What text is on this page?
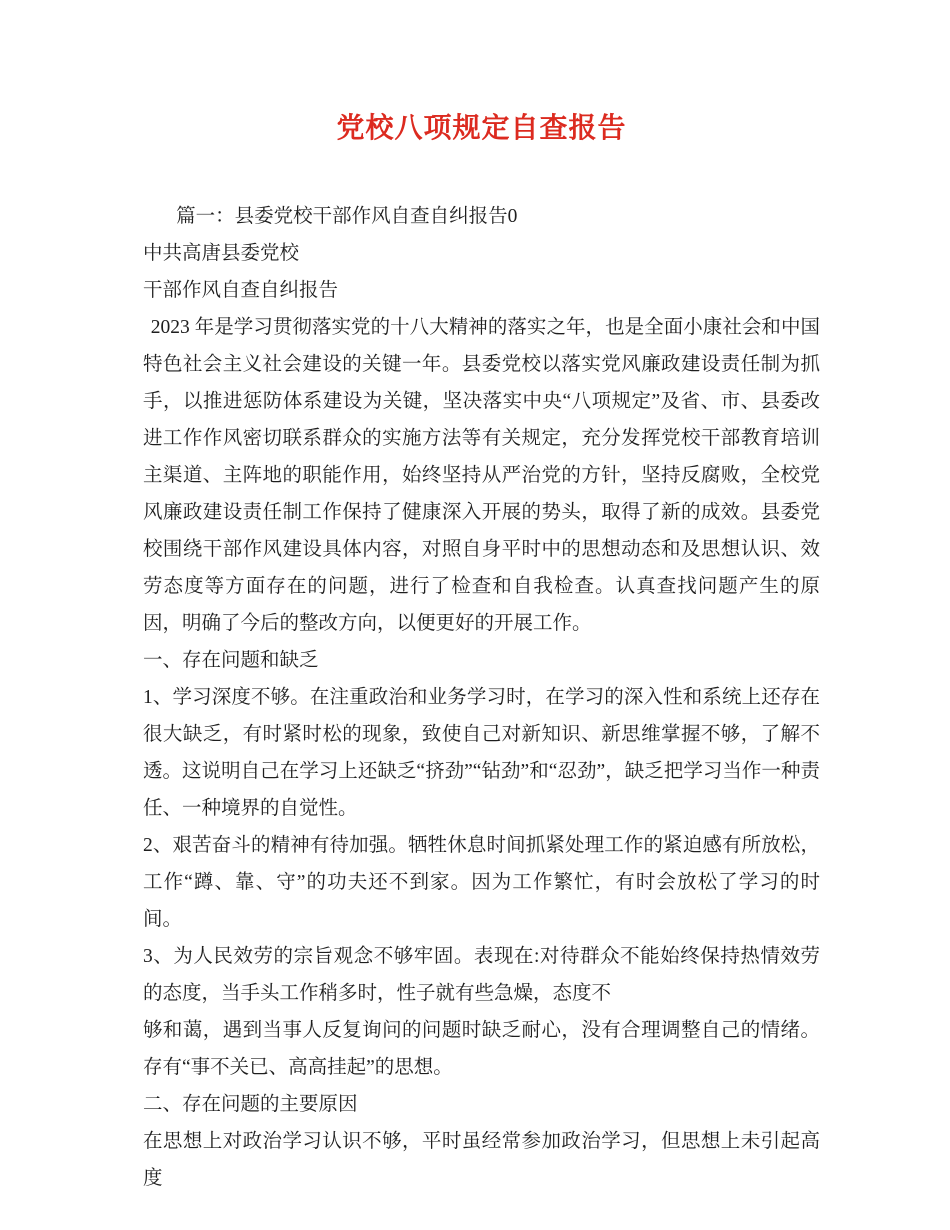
党校八项规定自查报告

篇一：县委党校干部作风自查自纠报告0

中共高唐县委党校

干部作风自查自纠报告

2023 年是学习贯彻落实党的十八大精神的落实之年，也是全面小康社会和中国特色社会主义社会建设的关键一年。县委党校以落实党风廉政建设责任制为抓手，以推进惩防体系建设为关键，坚决落实中央“八项规定”及省、市、县委改进工作作风密切联系群众的实施方法等有关规定，充分发挥党校干部教育培训主渠道、主阵地的职能作用，始终坚持从严治党的方针，坚持反腐败，全校党风廉政建设责任制工作保持了健康深入开展的势头，取得了新的成效。县委党校围绕干部作风建设具体内容，对照自身平时中的思想动态和及思想认识、效劳态度等方面存在的问题，进行了检查和自我检查。认真查找问题产生的原因，明确了今后的整改方向，以便更好的开展工作。

一、存在问题和缺乏

1、学习深度不够。在注重政治和业务学习时，在学习的深入性和系统上还存在很大缺乏，有时紧时松的现象，致使自己对新知识、新思维掌握不够，了解不透。这说明自己在学习上还缺乏“挤劲”“钻劲”和“忍劲”，缺乏把学习当作一种责任、一种境界的自觉性。

2、艰苦奋斗的精神有待加强。牺牲休息时间抓紧处理工作的紧迫感有所放松，工作“蹲、靠、守”的功夫还不到家。因为工作繁忙，有时会放松了学习的时间。

3、为人民效劳的宗旨观念不够牢固。表现在:对待群众不能始终保持热情效劳的态度，当手头工作稍多时，性子就有些急燥，态度不

够和蔼，遇到当事人反复询问的问题时缺乏耐心，没有合理调整自己的情绪。存有“事不关已、高高挂起”的思想。

二、存在问题的主要原因

在思想上对政治学习认识不够，平时虽经常参加政治学习，但思想上未引起高度
